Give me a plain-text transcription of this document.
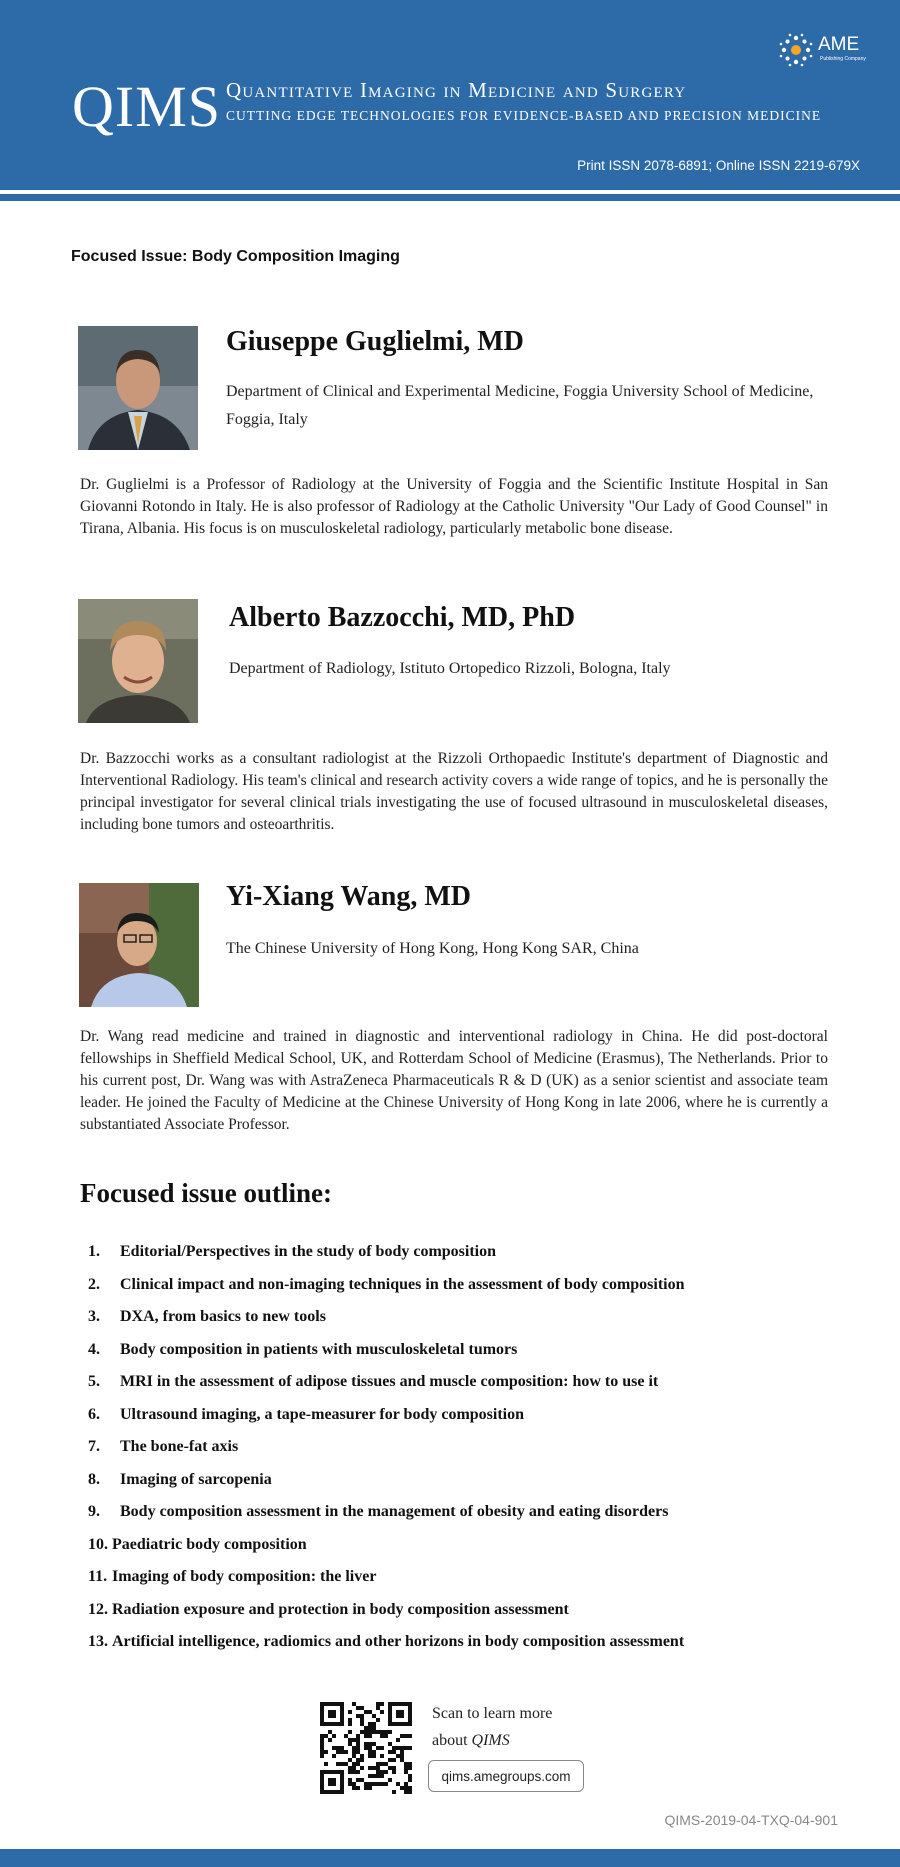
QIMS Quantitative Imaging in Medicine and Surgery
CUTTING EDGE TECHNOLOGIES FOR EVIDENCE-BASED AND PRECISION MEDICINE
Print ISSN 2078-6891; Online ISSN 2219-679X
AME
Publishing Company
Focused Issue: Body Composition Imaging
Giuseppe Guglielmi, MD
Department of Clinical and Experimental Medicine, Foggia University School of Medicine, Foggia, Italy
Dr. Guglielmi is a Professor of Radiology at the University of Foggia and the Scientific Institute Hospital in San Giovanni Rotondo in Italy. He is also professor of Radiology at the Catholic University "Our Lady of Good Counsel" in Tirana, Albania. His focus is on musculoskeletal radiology, particularly metabolic bone disease.
Alberto Bazzocchi, MD, PhD
Department of Radiology, Istituto Ortopedico Rizzoli, Bologna, Italy
Dr. Bazzocchi works as a consultant radiologist at the Rizzoli Orthopaedic Institute's department of Diagnostic and Interventional Radiology. His team's clinical and research activity covers a wide range of topics, and he is personally the principal investigator for several clinical trials investigating the use of focused ultrasound in musculoskeletal diseases, including bone tumors and osteoarthritis.
Yi-Xiang Wang, MD
The Chinese University of Hong Kong, Hong Kong SAR, China
Dr. Wang read medicine and trained in diagnostic and interventional radiology in China. He did post-doctoral fellowships in Sheffield Medical School, UK, and Rotterdam School of Medicine (Erasmus), The Netherlands. Prior to his current post, Dr. Wang was with AstraZeneca Pharmaceuticals R & D (UK) as a senior scientist and associate team leader. He joined the Faculty of Medicine at the Chinese University of Hong Kong in late 2006, where he is currently a substantiated Associate Professor.
Focused issue outline:
1.	Editorial/Perspectives in the study of body composition
2.	Clinical impact and non-imaging techniques in the assessment of body composition
3.	DXA, from basics to new tools
4.	Body composition in patients with musculoskeletal tumors
5.	MRI in the assessment of adipose tissues and muscle composition: how to use it
6.	Ultrasound imaging, a tape-measurer for body composition
7.	The bone-fat axis
8.	Imaging of sarcopenia
9.	Body composition assessment in the management of obesity and eating disorders
10. Paediatric body composition
11. Imaging of body composition: the liver
12. Radiation exposure and protection in body composition assessment
13. Artificial intelligence, radiomics and other horizons in body composition assessment
Scan to learn more
about QIMS
qims.amegroups.com
QIMS-2019-04-TXQ-04-901
